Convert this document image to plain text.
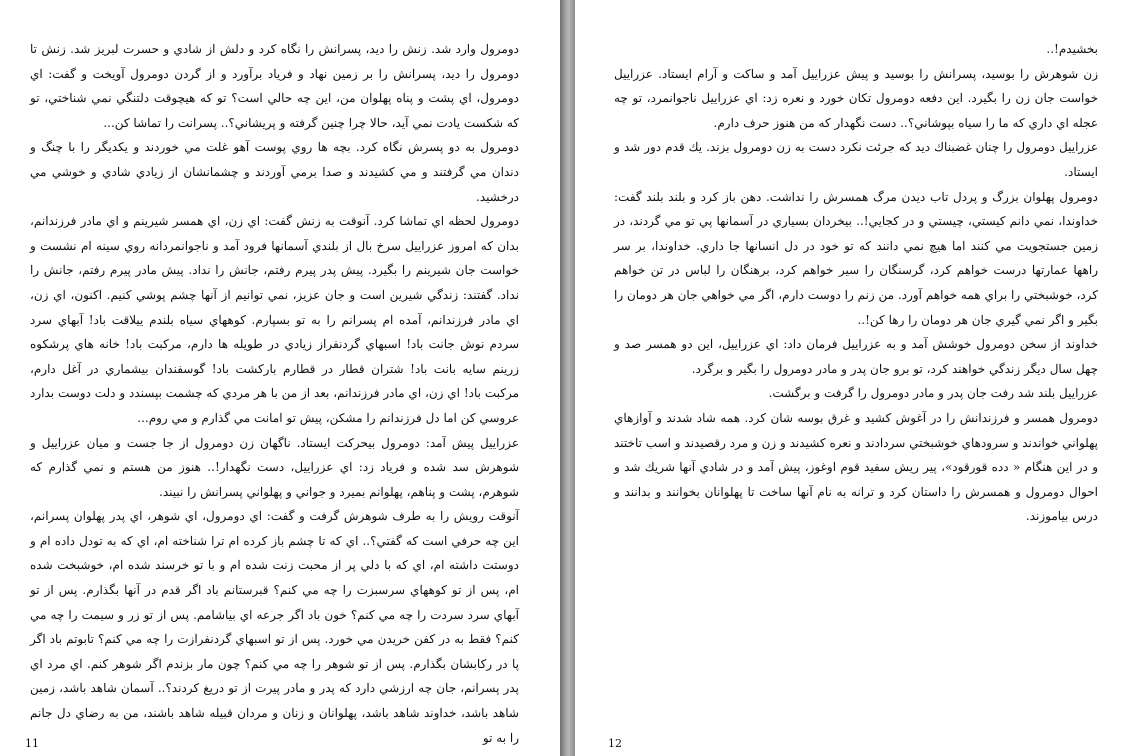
دومرول وارد شد. زنش را ديد، پسرانش را نگاه كرد و دلش از شادي و حسرت لبريز شد. زنش تا دومرول را ديد، پسرانش را بر زمين نهاد و فرياد برآورد و از گردن دومرول آويخت و گفت: اي دومرول، اي پشت و پناه پهلوان من، اين چه حالي است؟ تو كه هيچوقت دلتنگي نمي شناختي، تو كه شكست يادت نمي آيد، حالا چرا چنين گرفته و پريشاني؟.. پسرانت را تماشا كن...

دومرول به دو پسرش نگاه كرد. بچه ها روي پوست آهو غلت مي خوردند و يكديگر را با چنگ و دندان مي گرفتند و مي كشيدند و صدا برمي آوردند و چشمانشان از زيادي شادي و خوشي مي درخشيد.

دومرول لحظه اي تماشا كرد. آنوقت به زنش گفت: اي زن، اي همسر شيرينم و اي مادر فرزندانم، بدان كه امروز عزراييل سرخ بال از بلندي آسمانها فرود آمد و ناجوانمردانه روي سينه ام نشست و خواست جان شيرينم را بگيرد. پيش پدر پيرم رفتم، جانش را نداد. پيش مادر پيرم رفتم، جانش را نداد. گفتند: زندگي شيرين است و جان عزيز، نمي توانيم از آنها چشم پوشي كنيم. اكنون، اي زن، اي مادر فرزندانم، آمده ام پسرانم را به تو بسپارم. كوههاي سياه بلندم ييلاقت باد! آبهاي سرد سردم نوش جانت باد! اسبهاي گردنفراز زيادي در طويله ها دارم، مركبت باد! خانه هاي پرشكوه زرينم سايه بانت باد! شتران قطار در قطارم باركشت باد! گوسفندان بيشماري در آغل دارم، مركبت باد! اي زن، اي مادر فرزندانم، بعد از من با هر مردي كه چشمت بپسندد و دلت دوست بدارد عروسي كن اما دل فرزندانم را مشكن، پيش تو امانت مي گذارم و مي روم...

عزراييل پيش آمد: دومرول بيحركت ايستاد. ناگهان زن دومرول از جا جست و ميان عزراييل و شوهرش سد شده و فرياد زد: اي عزراييل، دست نگهدار!.. هنوز من هستم و نمي گذارم كه شوهرم، پشت و پناهم، پهلوانم بميرد و جواني و پهلواني پسرانش را نبيند.

آنوقت رويش را به طرف شوهرش گرفت و گفت: اي دومرول، اي شوهر، اي پدر پهلوان پسرانم، اين چه حرفي است كه گفتي؟.. اي كه تا چشم باز كرده ام ترا شناخته ام، اي كه به تودل داده ام و دوستت داشته ام، اي كه با دلي پر از محبت زنت شده ام و با تو خرسند شده ام، خوشبخت شده ام، پس از تو كوههاي سرسبزت را چه مي كنم؟ قبرستانم باد اگر قدم در آنها بگذارم. پس از تو آبهاي سرد سردت را چه مي كنم؟ خون باد اگر جرعه اي بياشامم. پس از تو زر و سيمت را چه مي كنم؟ فقط به در كفن خريدن مي خورد. پس از تو اسبهاي گردنفرازت را چه مي كنم؟ تابوتم باد اگر پا در ركابشان بگذارم. پس از تو شوهر را چه مي كنم؟ چون مار بزندم اگر شوهر كنم. اي مرد اي پدر پسرانم، جان چه ارزشي دارد كه پدر و مادر پيرت از تو دريغ كردند؟.. آسمان شاهد باشد، زمين شاهد باشد، خداوند شاهد باشد، پهلوانان و زنان و مردان قبيله شاهد باشند، من به رضاي دل جانم را به تو

11

بخشيدم!..

زن شوهرش را بوسيد، پسرانش را بوسيد و پيش عزراييل آمد و ساكت و آرام ايستاد. عزراييل خواست جان زن را بگيرد. اين دفعه دومرول تكان خورد و نعره زد: اي عزراييل ناجوانمرد، تو چه عجله اي داري كه ما را سياه بپوشاني؟.. دست نگهدار كه من هنوز حرف دارم.

عزراييل دومرول را چنان غضبناك ديد كه جرئت نكرد دست به زن دومرول بزند. يك قدم دور شد و ايستاد.

دومرول پهلوان بزرگ و پردل تاب ديدن مرگ همسرش را نداشت. دهن باز كرد و بلند بلند گفت: خداوندا، نمي دانم كيستي، چيستي و در كجايي!.. بيخردان بسياري در آسمانها پي تو مي گردند، در زمين جستجويت مي كنند اما هيچ نمي دانند كه تو خود در دل انسانها جا داري. خداوندا، بر سر راهها عمارتها درست خواهم كرد، گرسنگان را سير خواهم كرد، برهنگان را لباس در تن خواهم كرد، خوشبختي را براي همه خواهم آورد. من زنم را دوست دارم، اگر مي خواهي جان هر دومان را بگير و اگر نمي گيري جان هر دومان را رها كن!..

خداوند از سخن دومرول خوشش آمد و به عزراييل فرمان داد: اي عزراييل، اين دو همسر صد و چهل سال ديگر زندگي خواهند كرد، تو برو جان پدر و مادر دومرول را بگير و برگرد.

عزراييل بلند شد رفت جان پدر و مادر دومرول را گرفت و برگشت.

دومرول همسر و فرزندانش را در آغوش كشيد و غرق بوسه شان كرد. همه شاد شدند و آوازهاي پهلواني خواندند و سرودهاي خوشبختي سردادند و نعره كشيدند و زن و مرد رقصيدند و اسب تاختند و در اين هنگام « دده قورقود»، پير ريش سفيد قوم اوغوز، پيش آمد و در شادي آنها شريك شد و احوال دومرول و همسرش را داستان كرد و ترانه به نام آنها ساخت تا پهلوانان بخوانند و بدانند و درس بياموزند.

12
